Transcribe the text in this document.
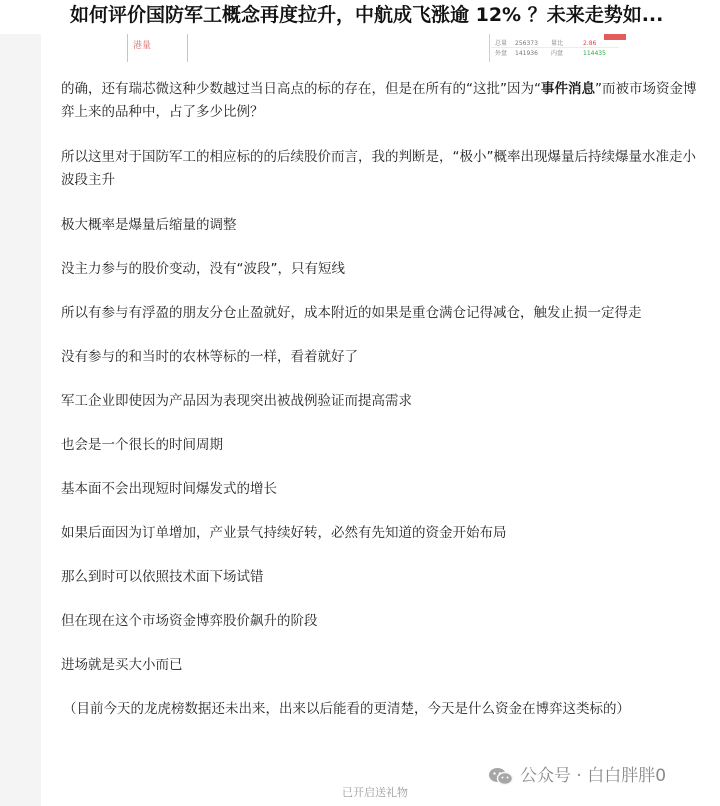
如何评价国防军工概念再度拉升，中航成飞涨逾 12% ？未来走势如...
港量	总量 256373 量比	2.86
外盘 141936 内盘	114435
的确，还有瑞芯微这种少数越过当日高点的标的存在，但是在所有的“这批”因为“事件消息”而被市场资金博弈上来的品种中，占了多少比例？
所以这里对于国防军工的相应标的的后续股价而言，我的判断是，“极小”概率出现爆量后持续爆量水准走小波段主升
极大概率是爆量后缩量的调整
没主力参与的股价变动，没有“波段”，只有短线
所以有参与有浮盈的朋友分仓止盈就好，成本附近的如果是重仓满仓记得减仓，触发止损一定得走
没有参与的和当时的农林等标的一样，看着就好了
军工企业即使因为产品因为表现突出被战例验证而提高需求
也会是一个很长的时间周期
基本面不会出现短时间爆发式的增长
如果后面因为订单增加，产业景气持续好转，必然有先知道的资金开始布局
那么到时可以依照技术面下场试错
但在现在这个市场资金博弈股价飙升的阶段
进场就是买大小而已
（目前今天的龙虎榜数据还未出来，出来以后能看的更清楚，今天是什么资金在博弈这类标的）
公众号 · 白白胖胖0
已开启送礼物
